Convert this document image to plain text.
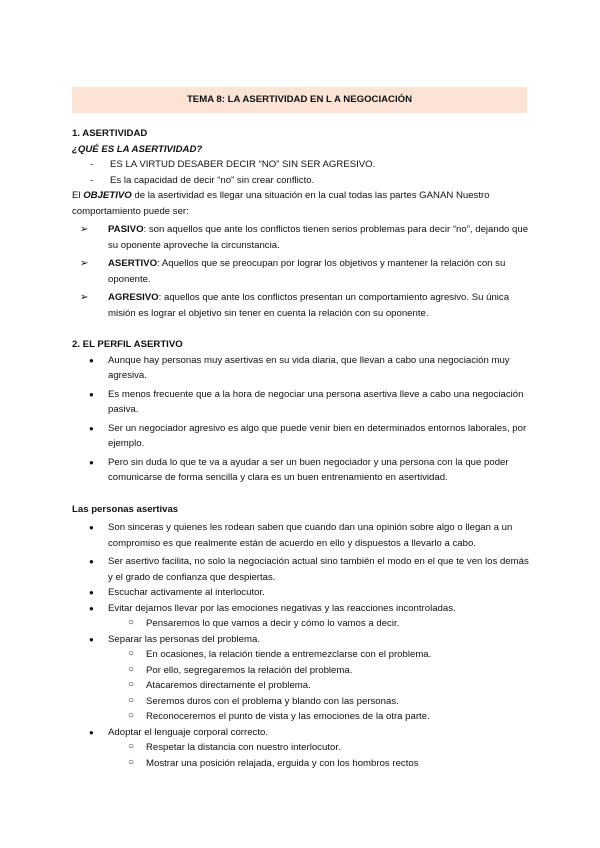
TEMA 8: LA ASERTIVIDAD EN L A NEGOCIACIÓN

1. ASERTIVIDAD

¿QUÉ ES LA ASERTIVIDAD?

- ES LA VIRTUD DESABER DECIR “NO” SIN SER AGRESIVO.
- Es la capacidad de decir “no” sin crear conflicto.

El OBJETIVO de la asertividad es llegar una situación en la cual todas las partes GANAN Nuestro comportamiento puede ser:

➢ PASIVO: son aquellos que ante los conflictos tienen serios problemas para decir “no”, dejando que su oponente aproveche la circunstancia.
➢ ASERTIVO: Aquellos que se preocupan por lograr los objetivos y mantener la relación con su oponente.
➢ AGRESIVO: aquellos que ante los conflictos presentan un comportamiento agresivo. Su única misión es lograr el objetivo sin tener en cuenta la relación con su oponente.

2. EL PERFIL ASERTIVO

● Aunque hay personas muy asertivas en su vida diaria, que llevan a cabo una negociación muy agresiva.
● Es menos frecuente que a la hora de negociar una persona asertiva lleve a cabo una negociación pasiva.
● Ser un negociador agresivo es algo que puede venir bien en determinados entornos laborales, por ejemplo.
● Pero sin duda lo que te va a ayudar a ser un buen negociador y una persona con la que poder comunicarse de forma sencilla y clara es un buen entrenamiento en asertividad.

Las personas asertivas

● Son sinceras y quienes les rodean saben que cuando dan una opinión sobre algo o llegan a un compromiso es que realmente están de acuerdo en ello y dispuestos a llevarlo a cabo.
● Ser asertivo facilita, no solo la negociación actual sino también el modo en el que te ven los demás y el grado de confianza que despiertas.
● Escuchar activamente al interlocutor.
● Evitar dejarnos llevar por las emociones negativas y las reacciones incontroladas.
○ Pensaremos lo que vamos a decir y cómo lo vamos a decir.
● Separar las personas del problema.
○ En ocasiones, la relación tiende a entremezclarse con el problema.
○ Por ello, segregaremos la relación del problema.
○ Atacaremos directamente el problema.
○ Seremos duros con el problema y blando con las personas.
○ Reconoceremos el punto de vista y las emociones de la otra parte.
● Adoptar el lenguaje corporal correcto.
○ Respetar la distancia con nuestro interlocutor.
○ Mostrar una posición relajada, erguida y con los hombros rectos
